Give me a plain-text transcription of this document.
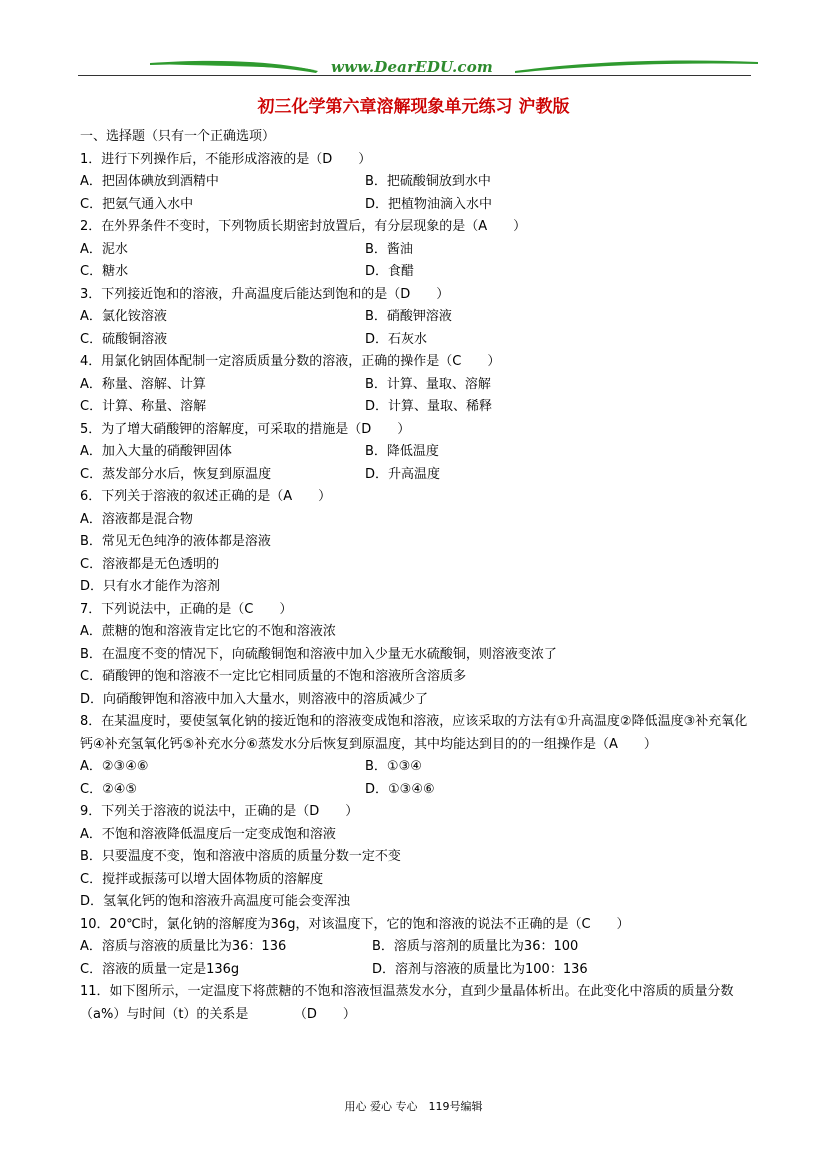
www.DearEDU.com
初三化学第六章溶解现象单元练习 沪教版
一、选择题（只有一个正确选项）
1．进行下列操作后，不能形成溶液的是（D　　）
A．把固体碘放到酒精中	B．把硫酸铜放到水中
C．把氨气通入水中	D．把植物油滴入水中
2．在外界条件不变时，下列物质长期密封放置后，有分层现象的是（A　　）
A．泥水	B．酱油
C．糖水	D．食醋
3．下列接近饱和的溶液，升高温度后能达到饱和的是（D　　）
A．氯化铵溶液	B．硝酸钾溶液
C．硫酸铜溶液	D．石灰水
4．用氯化钠固体配制一定溶质质量分数的溶液，正确的操作是（C　　）
A．称量、溶解、计算	B．计算、量取、溶解
C．计算、称量、溶解	D．计算、量取、稀释
5．为了增大硝酸钾的溶解度，可采取的措施是（D　　）
A．加入大量的硝酸钾固体	B．降低温度
C．蒸发部分水后，恢复到原温度	D．升高温度
6．下列关于溶液的叙述正确的是（A　　）
A．溶液都是混合物
B．常见无色纯净的液体都是溶液
C．溶液都是无色透明的
D．只有水才能作为溶剂
7．下列说法中，正确的是（C　　）
A．蔗糖的饱和溶液肯定比它的不饱和溶液浓
B．在温度不变的情况下，向硫酸铜饱和溶液中加入少量无水硫酸铜，则溶液变浓了
C．硝酸钾的饱和溶液不一定比它相同质量的不饱和溶液所含溶质多
D．向硝酸钾饱和溶液中加入大量水，则溶液中的溶质减少了
8．在某温度时，要使氢氧化钠的接近饱和的溶液变成饱和溶液，应该采取的方法有①升高温度②降低温度③补充氧化钙④补充氢氧化钙⑤补充水分⑥蒸发水分后恢复到原温度，其中均能达到目的的一组操作是（A　　）
A．②③④⑥	B．①③④
C．②④⑤	D．①③④⑥
9．下列关于溶液的说法中，正确的是（D　　）
A．不饱和溶液降低温度后一定变成饱和溶液
B．只要温度不变，饱和溶液中溶质的质量分数一定不变
C．搅拌或振荡可以增大固体物质的溶解度
D．氢氧化钙的饱和溶液升高温度可能会变浑浊
10．20℃时，氯化钠的溶解度为36g，对该温度下，它的饱和溶液的说法不正确的是（C　　）
A．溶质与溶液的质量比为36：136	B．溶质与溶剂的质量比为36：100
C．溶液的质量一定是136g	D．溶剂与溶液的质量比为100：136
11．如下图所示，一定温度下将蔗糖的不饱和溶液恒温蒸发水分，直到少量晶体析出。在此变化中溶质的质量分数（a%）与时间（t）的关系是　　　　（D　　）
用心 爱心 专心　119号编辑
